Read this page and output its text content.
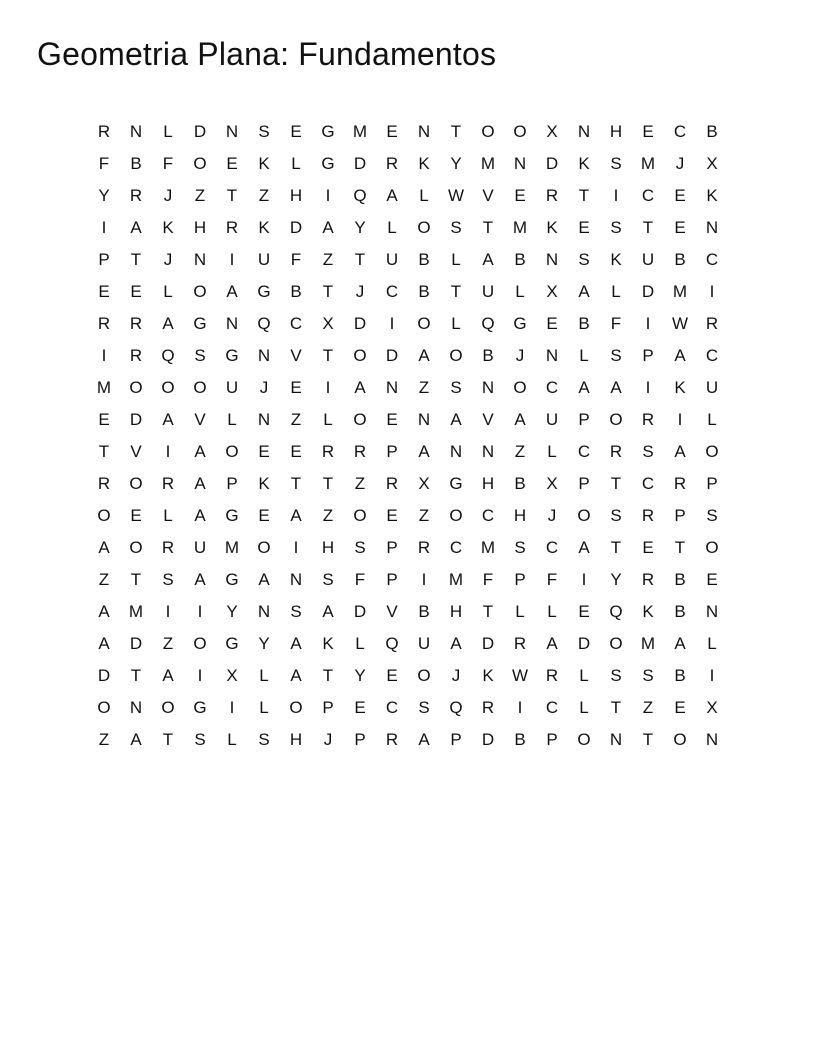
Geometria Plana: Fundamentos
R	N	L	D	N	S	E	G	M	E	N	T	O	O	X	N	H	E	C	B
F	B	F	O	E	K	L	G	D	R	K	Y	M	N	D	K	S	M	J	X
Y	R	J	Z	T	Z	H	I	Q	A	L	W	V	E	R	T	I	C	E	K
I	A	K	H	R	K	D	A	Y	L	O	S	T	M	K	E	S	T	E	N
P	T	J	N	I	U	F	Z	T	U	B	L	A	B	N	S	K	U	B	C
E	E	L	O	A	G	B	T	J	C	B	T	U	L	X	A	L	D	M	I
R	R	A	G	N	Q	C	X	D	I	O	L	Q	G	E	B	F	I	W	R
I	R	Q	S	G	N	V	T	O	D	A	O	B	J	N	L	S	P	A	C
M	O	O	O	U	J	E	I	A	N	Z	S	N	O	C	A	A	I	K	U
E	D	A	V	L	N	Z	L	O	E	N	A	V	A	U	P	O	R	I	L
T	V	I	A	O	E	E	R	R	P	A	N	N	Z	L	C	R	S	A	O
R	O	R	A	P	K	T	T	Z	R	X	G	H	B	X	P	T	C	R	P
O	E	L	A	G	E	A	Z	O	E	Z	O	C	H	J	O	S	R	P	S
A	O	R	U	M	O	I	H	S	P	R	C	M	S	C	A	T	E	T	O
Z	T	S	A	G	A	N	S	F	P	I	M	F	P	F	I	Y	R	B	E
A	M	I	I	Y	N	S	A	D	V	B	H	T	L	L	E	Q	K	B	N
A	D	Z	O	G	Y	A	K	L	Q	U	A	D	R	A	D	O	M	A	L
D	T	A	I	X	L	A	T	Y	E	O	J	K	W	R	L	S	S	B	I
O	N	O	G	I	L	O	P	E	C	S	Q	R	I	C	L	T	Z	E	X
Z	A	T	S	L	S	H	J	P	R	A	P	D	B	P	O	N	T	O	N
